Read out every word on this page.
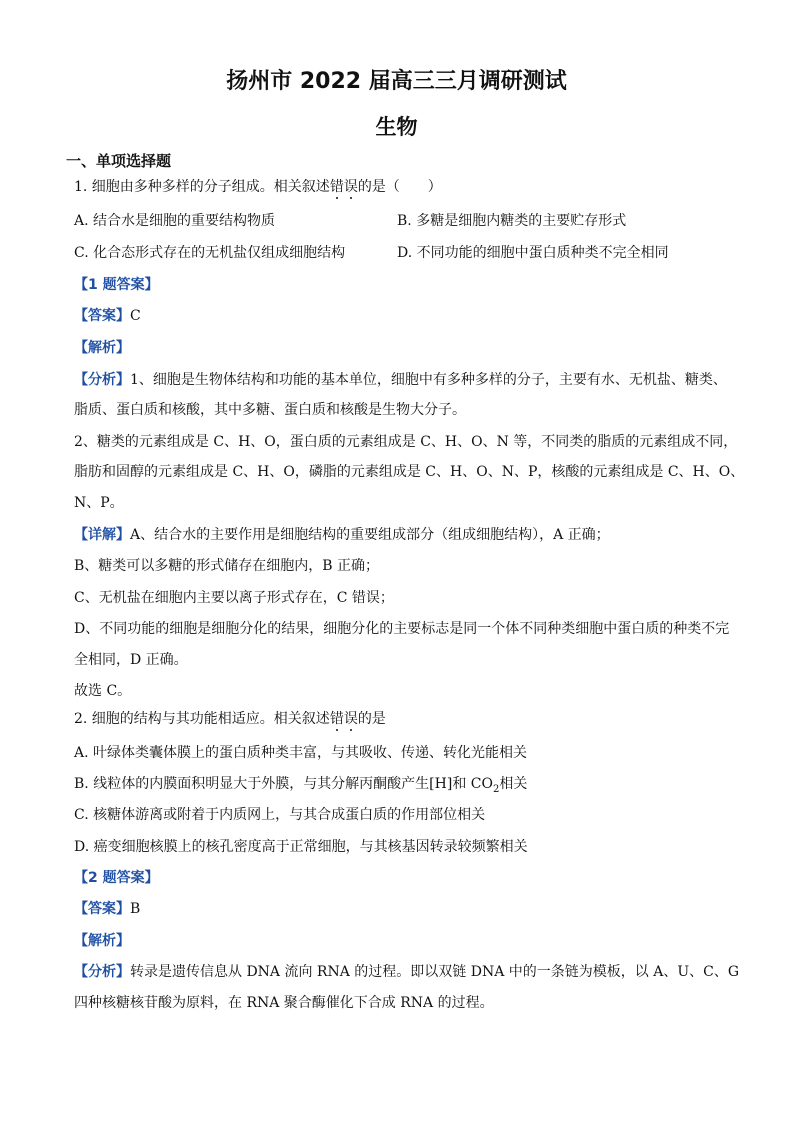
扬州市 2022 届高三三月调研测试
生物
一、单项选择题
1. 细胞由多种多样的分子组成。相关叙述错误的是（　　）
A. 结合水是细胞的重要结构物质	B. 多糖是细胞内糖类的主要贮存形式
C. 化合态形式存在的无机盐仅组成细胞结构	D. 不同功能的细胞中蛋白质种类不完全相同
【1 题答案】
【答案】C
【解析】
【分析】1、细胞是生物体结构和功能的基本单位，细胞中有多种多样的分子，主要有水、无机盐、糖类、
脂质、蛋白质和核酸，其中多糖、蛋白质和核酸是生物大分子。
2、糖类的元素组成是 C、H、O，蛋白质的元素组成是 C、H、O、N 等，不同类的脂质的元素组成不同，
脂肪和固醇的元素组成是 C、H、O，磷脂的元素组成是 C、H、O、N、P，核酸的元素组成是 C、H、O、
N、P。
【详解】A、结合水的主要作用是细胞结构的重要组成部分（组成细胞结构），A 正确；
B、糖类可以多糖的形式储存在细胞内，B 正确；
C、无机盐在细胞内主要以离子形式存在，C 错误；
D、不同功能的细胞是细胞分化的结果，细胞分化的主要标志是同一个体不同种类细胞中蛋白质的种类不完
全相同，D 正确。
故选 C。
2. 细胞的结构与其功能相适应。相关叙述错误的是
A. 叶绿体类囊体膜上的蛋白质种类丰富，与其吸收、传递、转化光能相关
B. 线粒体的内膜面积明显大于外膜，与其分解丙酮酸产生[H]和 $CO_2$相关
C. 核糖体游离或附着于内质网上，与其合成蛋白质的作用部位相关
D. 癌变细胞核膜上的核孔密度高于正常细胞，与其核基因转录较频繁相关
【2 题答案】
【答案】B
【解析】
【分析】转录是遗传信息从 DNA 流向 RNA 的过程。即以双链 DNA 中的一条链为模板，以 A、U、C、G
四种核糖核苷酸为原料，在 RNA 聚合酶催化下合成 RNA 的过程。
